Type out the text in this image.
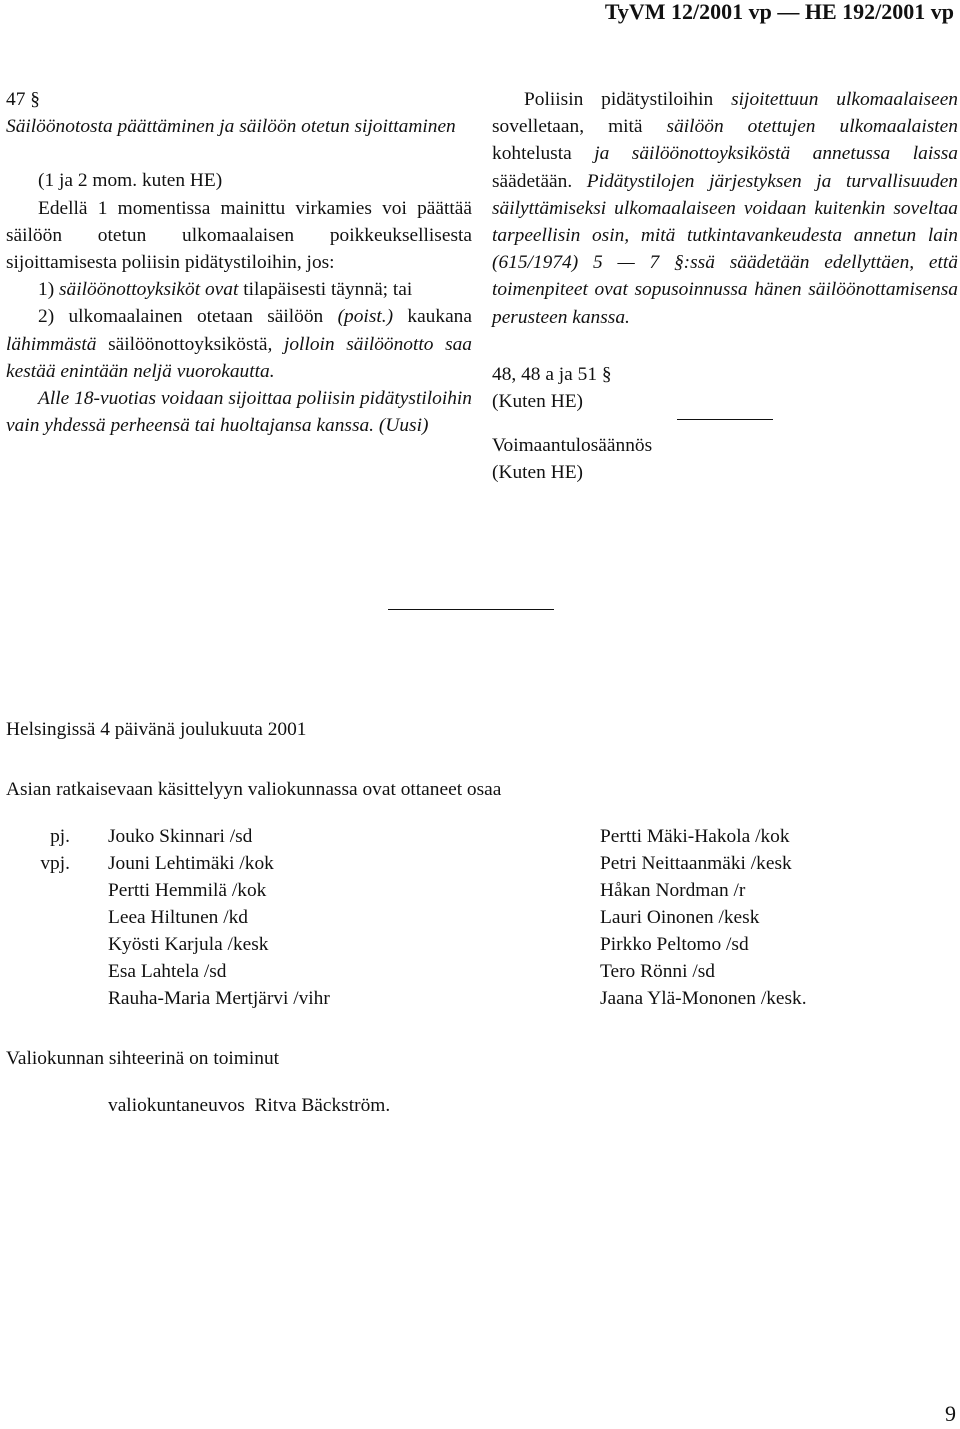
TyVM 12/2001 vp — HE 192/2001 vp

47 §

Säilöönotosta päättäminen ja säilöön otetun sijoittaminen

(1 ja 2 mom. kuten HE)

Edellä 1 momentissa mainittu virkamies voi päättää säilöön otetun ulkomaalaisen poikkeuksellisesta sijoittamisesta poliisin pidätystiloihin, jos:

1) säilöönottoyksiköt ovat tilapäisesti täynnä; tai

2) ulkomaalainen otetaan säilöön (poist.) kaukana lähimmästä säilöönottoyksiköstä, jolloin säilöönotto saa kestää enintään neljä vuorokautta.

Alle 18-vuotias voidaan sijoittaa poliisin pidätystiloihin vain yhdessä perheensä tai huoltajansa kanssa. (Uusi)

Poliisin pidätystiloihin sijoitettuun ulkomaalaiseen sovelletaan, mitä säilöön otettujen ulkomaalaisten kohtelusta ja säilöönottoyksiköstä annetussa laissa säädetään. Pidätystilojen järjestyksen ja turvallisuuden säilyttämiseksi ulkomaalaiseen voidaan kuitenkin soveltaa tarpeellisin osin, mitä tutkintavankeudesta annetun lain (615/1974) 5 — 7 §:ssä säädetään edellyttäen, että toimenpiteet ovat sopusoinnussa hänen säilöönottamisensa perusteen kanssa.

48, 48 a ja 51 §

(Kuten HE)

Voimaantulosäännös

(Kuten HE)

Helsingissä 4 päivänä joulukuuta 2001
Asian ratkaisevaan käsittelyyn valiokunnassa ovat ottaneet osaa
pj.	Jouko Skinnari /sd
vpj.	Jouni Lehtimäki /kok
Pertti Hemmilä /kok
Leea Hiltunen /kd
Kyösti Karjula /kesk
Esa Lahtela /sd
Rauha-Maria Mertjärvi /vihr
Pertti Mäki-Hakola /kok
Petri Neittaanmäki /kesk
Håkan Nordman /r
Lauri Oinonen /kesk
Pirkko Peltomo /sd
Tero Rönni /sd
Jaana Ylä-Mononen /kesk.
Valiokunnan sihteerinä on toiminut
valiokuntaneuvos  Ritva Bäckström.
9
